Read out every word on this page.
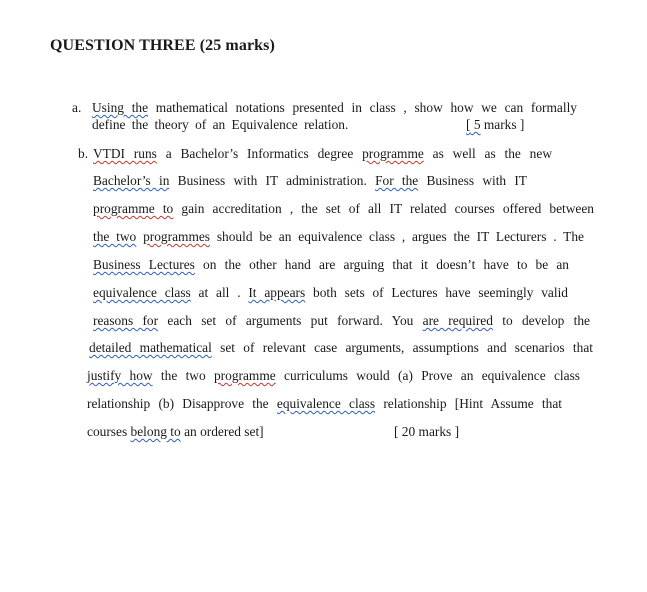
QUESTION THREE (25 marks)
a. Using the mathematical notations presented in class , show how we can formally
define the theory of an Equivalence relation.	[ 5 marks ]
b. VTDI runs a Bachelor’s Informatics degree programme as well as the new
Bachelor’s in Business with IT administration. For the Business with IT
programme to gain accreditation , the set of all IT related courses offered between
the two programmes should be an equivalence class , argues the IT Lecturers . The
Business Lectures on the other hand are arguing that it doesn’t have to be an
equivalence class at all . It appears both sets of Lectures have seemingly valid
reasons for each set of arguments put forward. You are required to develop the
detailed mathematical set of relevant case arguments, assumptions and scenarios that
justify how the two programme curriculums would (a) Prove an equivalence class
relationship (b) Disapprove the equivalence class relationship [Hint Assume that
courses belong to an ordered set]	[ 20 marks ]
